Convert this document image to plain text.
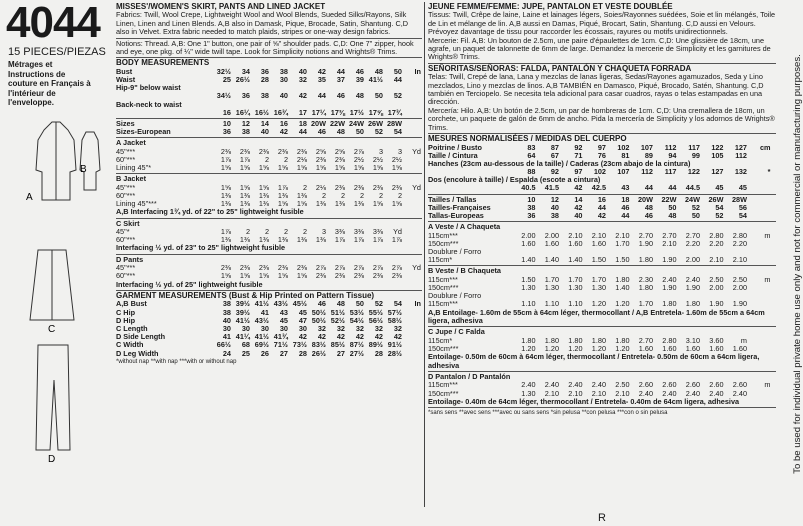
4044
15 PIECES/PIEZAS
Métrages et Instructions de couture en Français à l'intérieur de l'enveloppe.
A
B
C
D
MISSES'/WOMEN'S SKIRT, PANTS AND LINED JACKET
Fabrics: Twill, Wool Crepe, Lightweight Wool and Wool Blends, Sueded Silks/Rayons, Silk Linen, Linen and Linen Blends. A,B also in Damask, Pique, Brocade, Satin, Shantung. C,D also in Velvet. Extra fabric needed to match plaids, stripes or one-way design fabrics.
Notions: Thread. A,B: One 1" button, one pair of ⅝" shoulder pads. C,D: One 7" zipper, hook and eye, one pkg. of ¼" wide twill tape. Look for Simplicity notions and Wrights® Trims.
BODY MEASUREMENTS
Bust	32½	34	36	38	40	42	44	46	48	50	In
Waist	25 26½	28	30	32	35	37	39 41½	44
Hip-9" below waist
34½	36	38	40	42	44	46	48	50	52
Back-neck to waist
16 16¼ 16½ 16¾	17 17¼ 17⅜ 17½ 17⅝ 17¾
Sizes	10	12	14	16	18 20W 22W 24W 26W 28W
Sizes-European	36	38	40	42	44	46	48	50	52	54
A Jacket
45"***	2⅜	2⅜	2⅜	2⅜	2⅜	2⅝	2⅝	2⅞	3	3	Yd
60"***	1⅞	1⅞	2	2	2⅛	2⅜	2⅜	2½	2½	2½
Lining 45"*	1⅝	1⅝	1⅝	1⅝	1⅝	1⅝	1⅝	1⅝	1⅝	1⅝
B Jacket
45"***	1⅝	1⅝	1⅝	1⅞	2	2⅛	2⅜	2⅜	2⅜	2⅜	Yd
60"***	1⅜	1⅜	1⅜	1⅜	1⅜	2	2	2	2	2
Lining 45"***	1⅜	1⅜	1⅜	1⅝	1⅝	1⅜	1⅜	1⅜	1⅝	1⅝
A,B Interfacing 1¾ yd. of 22" to 25" lightweight fusible
C Skirt
45"*	1⅞	2	2	2	2	3	3⅜	3⅜	3⅜	Yd
60"***	1⅜	1⅜	1⅜	1⅜	1⅜	1⅜	1⅞	1⅞	1⅞	1⅞
Interfacing ½ yd. of 23" to 25" lightweight fusible
D Pants
45"***	2⅜	2⅜	2⅜	2⅜	2⅜	2⅞	2⅞	2⅞	2⅞	2⅞	Yd
60"***	1⅝	1⅝	1⅝	1⅝	1⅝	2⅜	2⅜	2⅜	2⅜	2⅜
Interfacing ½ yd. of 25" lightweight fusible
GARMENT MEASUREMENTS (Bust & Hip Printed on Pattern Tissue)
A,B Bust	38 39½ 41½ 43½ 45½	46	48	50	52	54	In
C Hip	38 39½	41	43	45 50½ 51½ 53½ 55½ 57½
D Hip	40 41½ 43½	45	47 50½ 52½ 54½ 56½ 58½
C Length	30	30	30	30	30	32	32	32	32	32
D Side Length	41 41¼ 41½ 41¾	42	42	42	42	42	42
C Width	66½	68 69½ 71½ 73½ 83½ 85½ 87½ 89½ 91½
D Leg Width	24	25	26	27	28 26½	27 27½	28 28½
*without nap **with nap ***with or without nap
JEUNE FEMME/FEMME: JUPE, PANTALON ET VESTE DOUBLÉE
Tissus: Twill, Crêpe de laine, Laine et lainages légers, Soies/Rayonnes suédées, Soie et lin mélangés, Toile de Lin et mélange de lin. A,B aussi en Damas, Piqué, Brocart, Satin, Shantung. C,D aussi en Velours. Prévoyez davantage de tissu pour raccorder les écossais, rayures ou motifs unidirectionnels.
Mercerie: Fil. A,B: Un bouton de 2.5cm, une paire d'épaulettes de 1cm. C,D: Une glissière de 18cm, une agrafe, un paquet de talonnette de 6mm de large. Demandez la mercerie de Simplicity et les garnitures de Wrights® Trims.
SEÑORITAS/SEÑORAS: FALDA, PANTALÓN Y CHAQUETA FORRADA
Telas: Twill, Crepé de lana, Lana y mezclas de lanas ligeras, Sedas/Rayones agamuzados, Seda y Lino mezclados, Lino y mezclas de linos. A,B TAMBIÉN en Damasco, Piqué, Brocado, Satén, Shantung. C,D también en Terciopelo. Se necesita tela adicional para casar cuadros, rayas o telas estampadas en una dirección.
Mercería: Hilo. A,B: Un botón de 2.5cm, un par de hombreras de 1cm. C,D: Una cremallera de 18cm, un corchete, un paquete de galón de 6mm de ancho. Pida la mercería de Simplicity y los adornos de Wrights® Trims.
MESURES NORMALISÉES / MEDIDAS DEL CUERPO
Poitrine / Busto	83	87	92	97	102	107	112	117	122	127	cm
Taille / Cintura	64	67	71	76	81	89	94	99	105	112
Hanches (23cm au-dessous de la taille) / Caderas (23cm abajo de la cintura)
88	92	97	102	107	112	117	122	127	132	*
Dos (encolure à taille) / Espalda (escote a cintura)
40.5	41.5	42	42.5	43	44	44	44.5	45	45
Tailles / Tallas	10	12	14	16	18	20W	22W	24W	26W	28W
Tailles-Françaises	38	40	42	44	46	48	50	52	54	56
Tallas-Europeas	36	38	40	42	44	46	48	50	52	54
A Veste / A Chaqueta
115cm***	2.00	2.00	2.10	2.10	2.10	2.70	2.70	2.70	2.80	2.80	m
150cm***	1.60	1.60	1.60	1.60	1.70	1.90	2.10	2.20	2.20	2.20
Doublure / Forro
115cm*	1.40	1.40	1.40	1.50	1.50	1.80	1.90	2.00	2.10	2.10
B Veste / B Chaqueta
115cm***	1.50	1.70	1.70	1.70	1.80	2.30	2.40	2.40	2.50	2.50	m
150cm***	1.30	1.30	1.30	1.30	1.40	1.80	1.90	1.90	2.00	2.00
Doublure / Forro
115cm***	1.10	1.10	1.10	1.20	1.20	1.70	1.80	1.80	1.90	1.90
A,B Entoilage- 1.60m de 55cm à 64cm léger, thermocollant / A,B Entretela- 1.60m de 55cm a 64cm ligera, adhesiva
C Jupe / C Falda
115cm*	1.80	1.80	1.80	1.80	1.80	2.70	2.80	3.10	3.60	m
150cm***	1.20	1.20	1.20	1.20	1.20	1.60	1.60	1.60	1.60	1.60
Entoilage- 0.50m de 60cm à 64cm léger, thermocollant / Entretela- 0.50m de 60cm a 64cm ligera, adhesiva
D Pantalon / D Pantalón
115cm***	2.40	2.40	2.40	2.40	2.50	2.60	2.60	2.60	2.60	2.60	m
150cm***	1.30	2.10	2.10	2.10	2.10	2.40	2.40	2.40	2.40	2.40
Entoilage- 0.40m de 64cm léger, thermocollant / Entretela- 0.40m de 64cm ligera, adhesiva
*sans sens **avec sens ***avec ou sans sens *sin pelusa **con pelusa ***con o sin pelusa
R
To be used for individual private home use only and not for commercial or manufacturing purposes.
